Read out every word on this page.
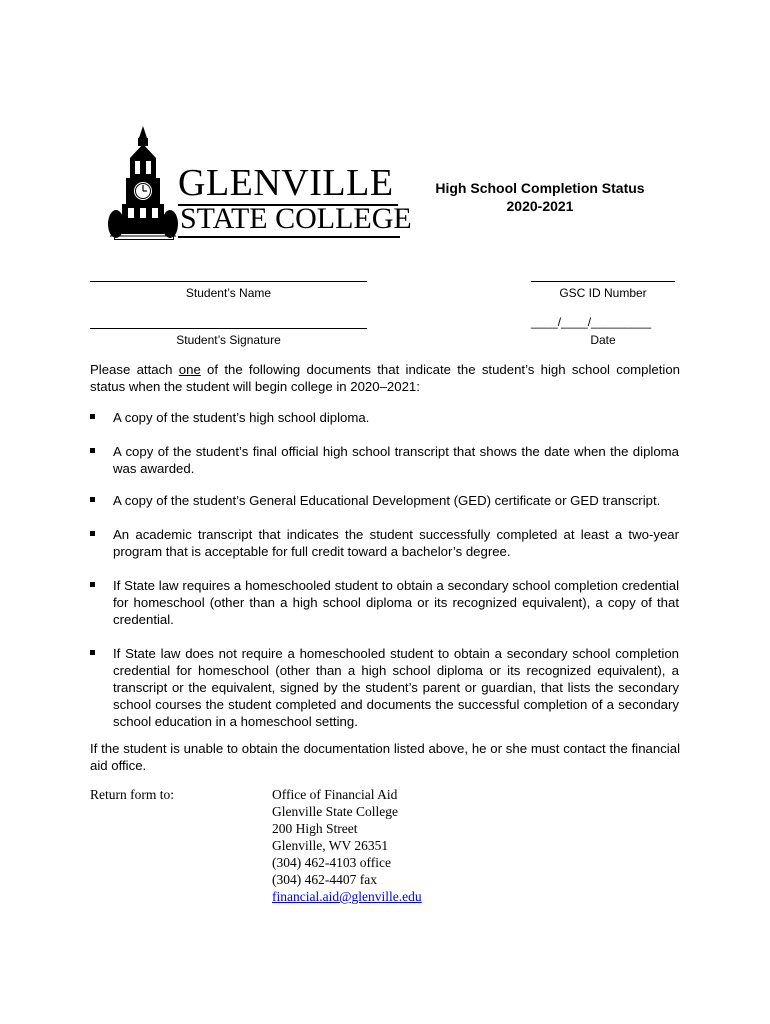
GLENVILLE
STATE COLLEGE
1872
High School Completion Status
2020-2021
Student’s Name	GSC ID Number
Student’s Signature
____/____/_________
Date
Please attach one of the following documents that indicate the student’s high school completion status when the student will begin college in 2020–2021:
A copy of the student’s high school diploma.
A copy of the student’s final official high school transcript that shows the date when the diploma was awarded.
A copy of the student’s General Educational Development (GED) certificate or GED transcript.
An academic transcript that indicates the student successfully completed at least a two-year program that is acceptable for full credit toward a bachelor’s degree.
If State law requires a homeschooled student to obtain a secondary school completion credential for homeschool (other than a high school diploma or its recognized equivalent), a copy of that credential.
If State law does not require a homeschooled student to obtain a secondary school completion credential for homeschool (other than a high school diploma or its recognized equivalent), a transcript or the equivalent, signed by the student’s parent or guardian, that lists the secondary school courses the student completed and documents the successful completion of a secondary school education in a homeschool setting.
If the student is unable to obtain the documentation listed above, he or she must contact the financial aid office.
Return form to:	Office of Financial Aid
Glenville State College
200 High Street
Glenville, WV 26351
(304) 462-4103 office
(304) 462-4407 fax
financial.aid@glenville.edu
